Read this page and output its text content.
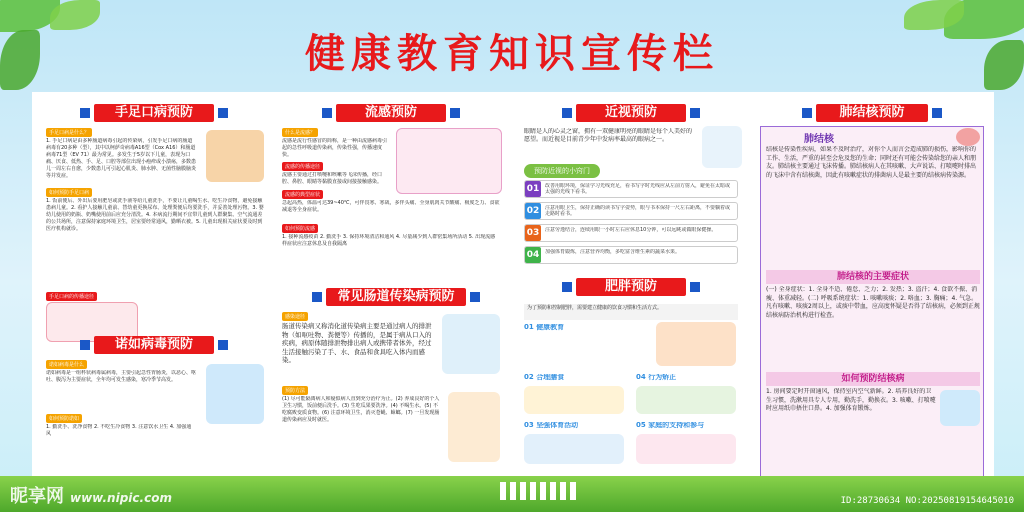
健康教育知识宣传栏
手足口病预防
手足口病是什么？
1. 手足口病是由多种肠道病毒引起的传染病，引发手足口病的肠道病毒有20多种（型），其中以柯萨奇病毒A16型（Cox A16）和肠道病毒71型（EV 71）最为常见。多发生于5岁以下儿童，表现为口痛、厌食、低热、手、足、口腔等部位出现小疱疹或小溃疡，多数患儿一周左右自愈，少数患儿可引起心肌炎、肺水肿、无菌性脑膜脑炎等并发症。
如何预防手足口病
1. 饭前便后、外出后要用肥皂或洗手液等给儿童洗手，不要让儿童喝生水、吃生冷食物，避免接触患病儿童。2. 看护人接触儿童前、替幼童更换尿布、处理粪便后均要洗手，并妥善处理污物。3. 婴幼儿使用的奶瓶、奶嘴使用前后应充分清洗。4. 本病流行期间不宜带儿童到人群聚集、空气流通差的公共场所，注意保持家庭环境卫生，居室要经常通风，勤晒衣被。5. 儿童出现相关症状要及时到医疗机构就诊。
手足口病的传播途径
诺如病毒预防
诺如病毒是什么
诺如病毒是一组杯状病毒属病毒，主要引起急性胃肠炎，以恶心、呕吐、腹泻为主要症状，全年均可发生感染，寒冷季节高发。
如何预防诺如
1. 勤洗手、洗净食物 2. 不吃生冷食物 3. 注意饮水卫生 4. 加强通风
流感预防
什么是流感？
流感是流行性感冒的简称，是一种由流感病毒引起的急性呼吸道传染病，传染性强，传播速度快。
流感的传播途径
流感主要通过打喷嚏和咳嗽等飞沫传播，经口腔、鼻腔、眼睛等黏膜直接或间接接触感染。
流感的典型症状
急起高热，体温可达39~40℃，可伴畏寒、寒战，多伴头痛、全身肌肉关节酸痛、极度乏力、食欲减退等全身症状。
如何预防流感
1. 接种流感疫苗 2. 勤洗手 3. 保持环境清洁和通风 4. 尽量减少到人群密集场所活动 5. 出现流感样症状应注意休息及自我隔离
常见肠道传染病预防
感染途径
肠道传染病又称消化道传染病主要是通过病人的排泄物（如呕吐物、粪便等）传播的，是属于病从口入的疾病，病原体随排泄物排出病人或携带者体外，经过生活接触污染了手、水、食品和食具吃入体内而感染。
预防方法
(1) 尽可能隔离病人和疑似病人直到充分治疗为止。(2) 养成良好的个人卫生习惯，饭前便后洗手。(3) 生吃瓜果要洗净。(4) 不喝生水。(5) 不吃腐败变质食物。(6) 注意环境卫生，消灭苍蝇、蟑螂。(7) 一旦发现肠道传染病应及时就医。
近视预防
眼睛是人的心灵之窗，拥有一双健康明亮的眼睛是每个人美好的愿望。而近视是目前青少年中发病率最高的眼病之一。
预防近视的小窍门
01	改善用眼环境，保证学习光线充足，看书写字时光线应从左前方射入，避免在太暗或太强的光线下看书。
02	注意用眼卫生，保持正确的读书写字姿势，眼与书本保持一尺左右距离，不要躺着或走路时看书。
03	注意劳逸结合，连续用眼一小时左右应休息10分钟，可以远眺或做眼保健操。
04	加强体育锻炼，注意营养均衡，多吃富含维生素的蔬菜水果。
肥胖预防
为了预防和控制肥胖，需要建立健康的饮食习惯和生活方式。
01 健康教育
02 合理膳食	04 行为矫正
03 坚强体育活动	05 家庭的支持和参与
肺结核预防
肺结核
结核是传染性疾病，如果不及时治疗，对你个人而言会造成肺的损伤，影响你的工作、生活，严重的甚至会危及您的生命；同时还有可能会传染给您的亲人和朋友。肺结核主要通过飞沫传播。肺结核病人在其咳嗽、大声说话、打喷嚏时排出的飞沫中含有结核菌，因此有咳嗽症状的排菌病人是最主要的结核病传染源。
肺结核的主要症状
(一) 全身症状：1. 全身不适、倦怠、乏力；2. 发热；3. 盗汗；4. 食欲不振、消瘦、体重减轻。(二) 呼吸系统症状：1. 咳嗽咳痰；2. 咯血；3. 胸痛；4. 气急。凡有咳嗽、咳痰2周以上，或痰中带血，应高度怀疑是否得了结核病，必须到正规结核病防治机构进行检查。
如何预防结核病
1. 房间要定时开窗通风，保持室内空气新鲜。2. 培养良好的卫生习惯，洗漱用具专人专用，勤洗手，勤换衣。3. 咳嗽、打喷嚏时应用纸巾捂住口鼻。4. 加强体育锻炼。
昵享网 www.nipic.com	ID:28730634 NO:20250819154645010
